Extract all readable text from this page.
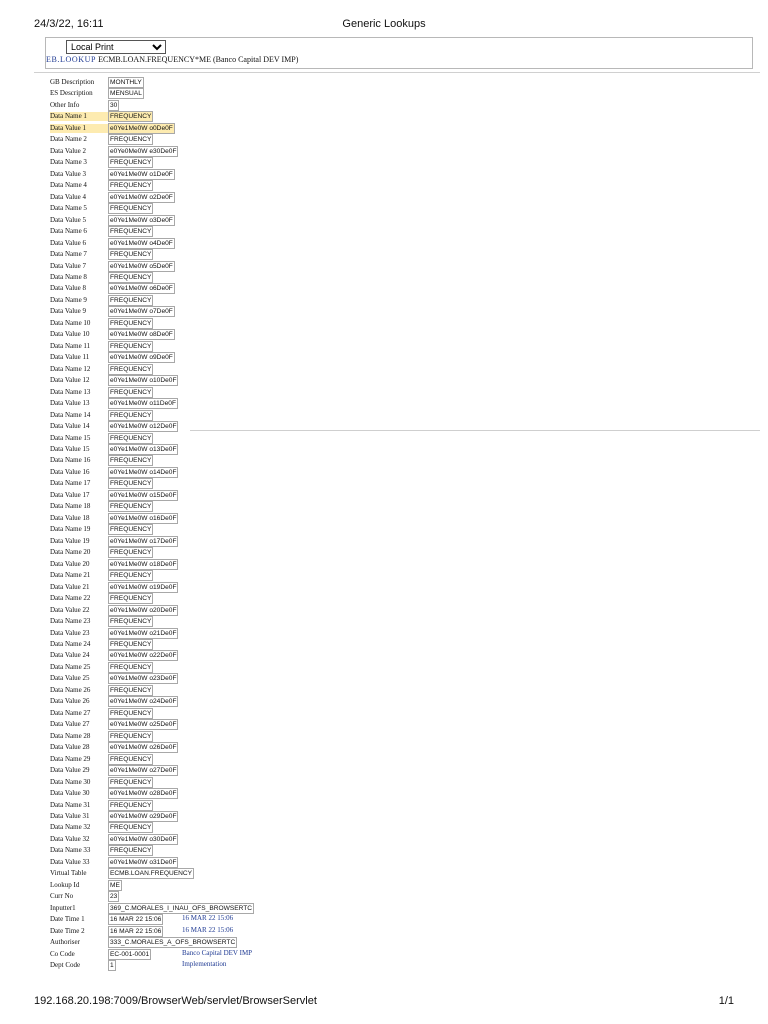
24/3/22, 16:11	Generic Lookups
Local Print
EB.LOOKUP ECMB.LOAN.FREQUENCY*ME (Banco Capital DEV IMP)
GB Description	MONTHLY
ES Description	MENSUAL
Other Info	30
Data Name 1	FREQUENCY
Data Value 1	e0Ye1Me0W o0De0F
Data Name 2	FREQUENCY
Data Value 2	e0Ye0Me0W e30De0F
Data Name 3	FREQUENCY
Data Value 3	e0Ye1Me0W o1De0F
Data Name 4	FREQUENCY
Data Value 4	e0Ye1Me0W o2De0F
Data Name 5	FREQUENCY
Data Value 5	e0Ye1Me0W o3De0F
Data Name 6	FREQUENCY
Data Value 6	e0Ye1Me0W o4De0F
Data Name 7	FREQUENCY
Data Value 7	e0Ye1Me0W o5De0F
Data Name 8	FREQUENCY
Data Value 8	e0Ye1Me0W o6De0F
Data Name 9	FREQUENCY
Data Value 9	e0Ye1Me0W o7De0F
Data Name 10	FREQUENCY
Data Value 10	e0Ye1Me0W o8De0F
Data Name 11	FREQUENCY
Data Value 11	e0Ye1Me0W o9De0F
Data Name 12	FREQUENCY
Data Value 12	e0Ye1Me0W o10De0F
Data Name 13	FREQUENCY
Data Value 13	e0Ye1Me0W o11De0F
Data Name 14	FREQUENCY
Data Value 14	e0Ye1Me0W o12De0F
Data Name 15	FREQUENCY
Data Value 15	e0Ye1Me0W o13De0F
Data Name 16	FREQUENCY
Data Value 16	e0Ye1Me0W o14De0F
Data Name 17	FREQUENCY
Data Value 17	e0Ye1Me0W o15De0F
Data Name 18	FREQUENCY
Data Value 18	e0Ye1Me0W o16De0F
Data Name 19	FREQUENCY
Data Value 19	e0Ye1Me0W o17De0F
Data Name 20	FREQUENCY
Data Value 20	e0Ye1Me0W o18De0F
Data Name 21	FREQUENCY
Data Value 21	e0Ye1Me0W o19De0F
Data Name 22	FREQUENCY
Data Value 22	e0Ye1Me0W o20De0F
Data Name 23	FREQUENCY
Data Value 23	e0Ye1Me0W o21De0F
Data Name 24	FREQUENCY
Data Value 24	e0Ye1Me0W o22De0F
Data Name 25	FREQUENCY
Data Value 25	e0Ye1Me0W o23De0F
Data Name 26	FREQUENCY
Data Value 26	e0Ye1Me0W o24De0F
Data Name 27	FREQUENCY
Data Value 27	e0Ye1Me0W o25De0F
Data Name 28	FREQUENCY
Data Value 28	e0Ye1Me0W o26De0F
Data Name 29	FREQUENCY
Data Value 29	e0Ye1Me0W o27De0F
Data Name 30	FREQUENCY
Data Value 30	e0Ye1Me0W o28De0F
Data Name 31	FREQUENCY
Data Value 31	e0Ye1Me0W o29De0F
Data Name 32	FREQUENCY
Data Value 32	e0Ye1Me0W o30De0F
Data Name 33	FREQUENCY
Data Value 33	e0Ye1Me0W o31De0F
Virtual Table	ECMB.LOAN.FREQUENCY
Lookup Id	ME
Curr No	23
Inputter1	369_C.MORALES_I_INAU_OFS_BROWSERTC
Date Time 1	16 MAR 22 15:06	16 MAR 22 15:06
Date Time 2	16 MAR 22 15:06	16 MAR 22 15:06
Authoriser	333_C.MORALES_A_OFS_BROWSERTC
Co Code	EC-001-0001	Banco Capital DEV IMP
Dept Code	1	Implementation
192.168.20.198:7009/BrowserWeb/servlet/BrowserServlet	1/1
